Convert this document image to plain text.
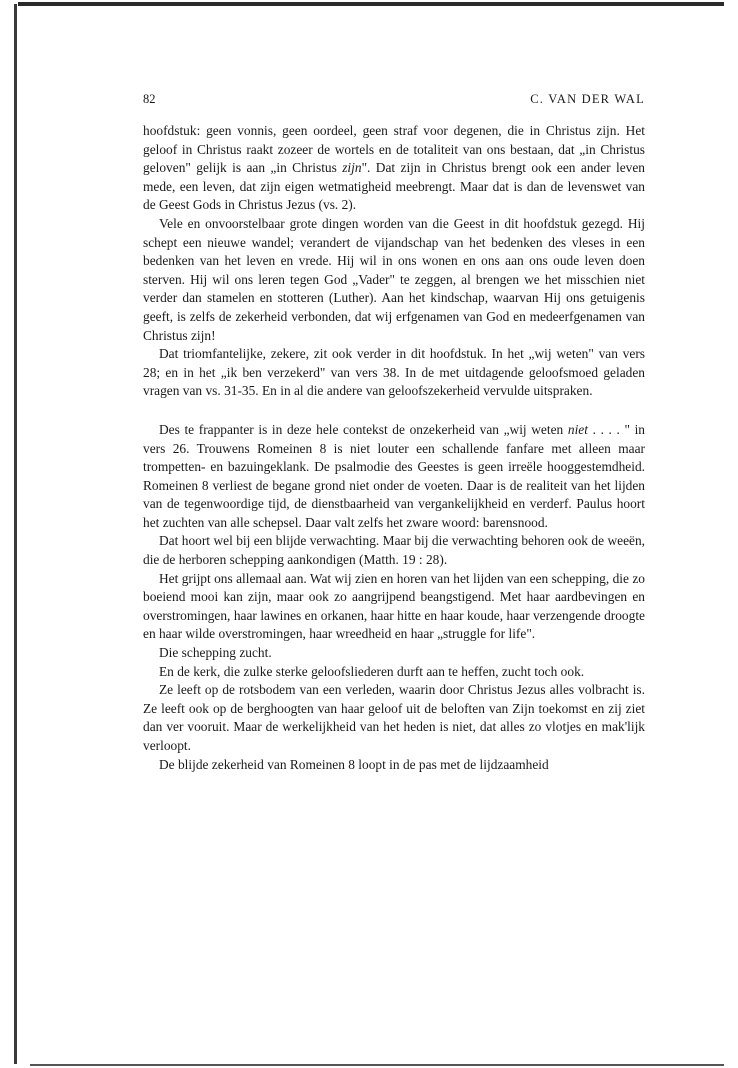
82	C. VAN DER WAL

hoofdstuk: geen vonnis, geen oordeel, geen straf voor degenen, die in Christus zijn. Het geloof in Christus raakt zozeer de wortels en de totaliteit van ons bestaan, dat „in Christus geloven" gelijk is aan „in Christus zijn". Dat zijn in Christus brengt ook een ander leven mede, een leven, dat zijn eigen wetmatigheid meebrengt. Maar dat is dan de levenswet van de Geest Gods in Christus Jezus (vs. 2).

Vele en onvoorstelbaar grote dingen worden van die Geest in dit hoofdstuk gezegd. Hij schept een nieuwe wandel; verandert de vijandschap van het bedenken des vleses in een bedenken van het leven en vrede. Hij wil in ons wonen en ons aan ons oude leven doen sterven. Hij wil ons leren tegen God „Vader" te zeggen, al brengen we het misschien niet verder dan stamelen en stotteren (Luther). Aan het kindschap, waarvan Hij ons getuigenis geeft, is zelfs de zekerheid verbonden, dat wij erfgenamen van God en medeerfgenamen van Christus zijn!

Dat triomfantelijke, zekere, zit ook verder in dit hoofdstuk. In het „wij weten" van vers 28; en in het „ik ben verzekerd" van vers 38. In de met uitdagende geloofsmoed geladen vragen van vs. 31-35. En in al die andere van geloofszekerheid vervulde uitspraken.

Des te frappanter is in deze hele contekst de onzekerheid van „wij weten niet . . . . " in vers 26. Trouwens Romeinen 8 is niet louter een schallende fanfare met alleen maar trompetten- en bazuingeklank. De psalmodie des Geestes is geen irreële hooggestemdheid. Romeinen 8 verliest de begane grond niet onder de voeten. Daar is de realiteit van het lijden van de tegenwoordige tijd, de dienstbaarheid van vergankelijkheid en verderf. Paulus hoort het zuchten van alle schepsel. Daar valt zelfs het zware woord: barensnood.

Dat hoort wel bij een blijde verwachting. Maar bij die verwachting behoren ook de weeën, die de herboren schepping aankondigen (Matth. 19 : 28).

Het grijpt ons allemaal aan. Wat wij zien en horen van het lijden van een schepping, die zo boeiend mooi kan zijn, maar ook zo aangrijpend beangstigend. Met haar aardbevingen en overstromingen, haar lawines en orkanen, haar hitte en haar koude, haar verzengende droogte en haar wilde overstromingen, haar wreedheid en haar „struggle for life".

Die schepping zucht.

En de kerk, die zulke sterke geloofsliederen durft aan te heffen, zucht toch ook.

Ze leeft op de rotsbodem van een verleden, waarin door Christus Jezus alles volbracht is. Ze leeft ook op de berghoogten van haar geloof uit de beloften van Zijn toekomst en zij ziet dan ver vooruit. Maar de werkelijkheid van het heden is niet, dat alles zo vlotjes en mak'lijk verloopt.

De blijde zekerheid van Romeinen 8 loopt in de pas met de lijdzaamheid
